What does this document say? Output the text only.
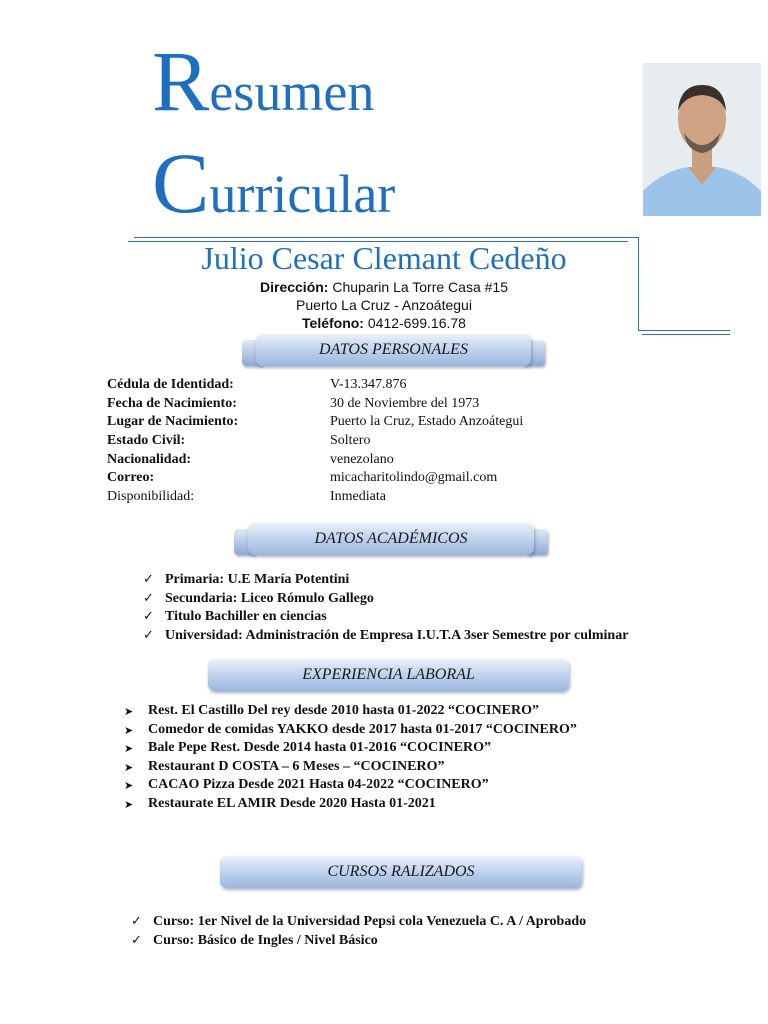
Resumen
Curricular
Julio Cesar Clemant Cedeño
Dirección: Chuparin La Torre Casa #15
Puerto La Cruz - Anzoátegui
Teléfono: 0412-699.16.78
DATOS PERSONALES
Cédula de Identidad:	V-13.347.876
Fecha de Nacimiento:	30 de Noviembre del 1973
Lugar de Nacimiento:	Puerto la Cruz, Estado Anzoátegui
Estado Civil:	Soltero
Nacionalidad:	venezolano
Correo:	micacharitolindo@gmail.com
Disponibilidad:	Inmediata
DATOS ACADÉMICOS
✓ Primaria: U.E María Potentini
✓ Secundaria: Liceo Rómulo Gallego
✓ Titulo Bachiller en ciencias
✓ Universidad: Administración de Empresa I.U.T.A 3ser Semestre por culminar
EXPERIENCIA LABORAL
➤ Rest. El Castillo Del rey desde 2010 hasta 01-2022 “COCINERO”
➤ Comedor de comidas YAKKO desde 2017 hasta 01-2017 “COCINERO”
➤ Bale Pepe Rest. Desde 2014 hasta 01-2016 “COCINERO”
➤ Restaurant D COSTA – 6 Meses – “COCINERO”
➤ CACAO Pizza Desde 2021 Hasta 04-2022 “COCINERO”
➤ Restaurate EL AMIR Desde 2020 Hasta 01-2021
CURSOS RALIZADOS
✓ Curso: 1er Nivel de la Universidad Pepsi cola Venezuela C. A / Aprobado
✓ Curso: Básico de Ingles / Nivel Básico
